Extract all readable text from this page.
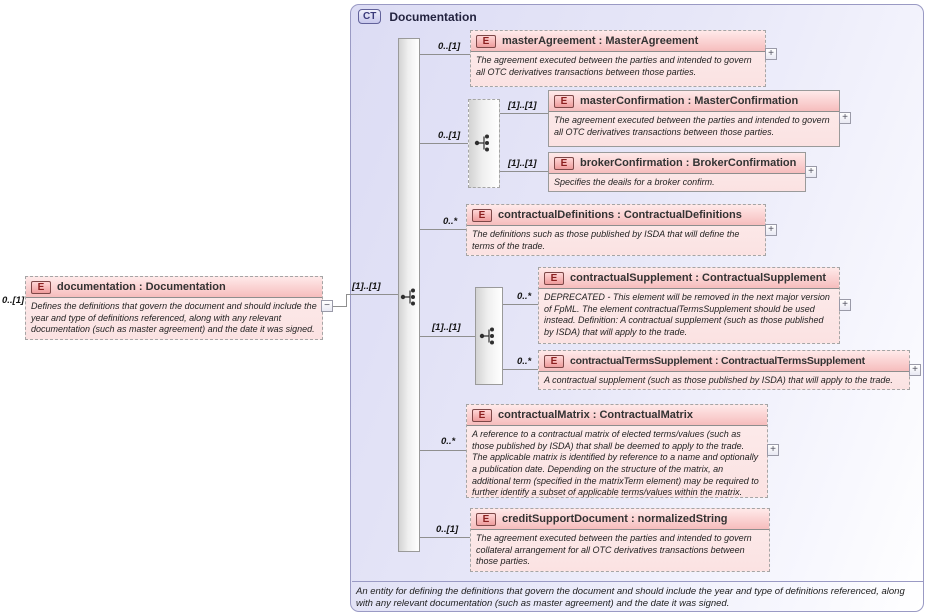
CT	Documentation
An entity for defining the definitions that govern the document and should include the year and type of definitions referenced, along with any relevant documentation (such as master agreement) and the date it was signed.
0..[1]
E	documentation : Documentation
Defines the definitions that govern the document and should include the year and type of definitions referenced, along with any relevant documentation (such as master agreement) and the date it was signed.
−
[1]..[1]
0..[1]	E	masterAgreement : MasterAgreement
The agreement executed between the parties and intended to govern all OTC derivatives transactions between those parties.
+
0..[1]
[1]..[1]	E	masterConfirmation : MasterConfirmation
The agreement executed between the parties and intended to govern all OTC derivatives transactions between those parties.
+
[1]..[1]	E	brokerConfirmation : BrokerConfirmation
Specifies the deails for a broker confirm.
+
0..*
E	contractualDefinitions : ContractualDefinitions
The definitions such as those published by ISDA that will define the terms of the trade.
+
[1]..[1]
0..*
E	contractualSupplement : ContractualSupplement
DEPRECATED - This element will be removed in the next major version of FpML. The element contractualTermsSupplement should be used instead. Definition: A contractual supplement (such as those published by ISDA) that will apply to the trade.
+
0..*	E	contractualTermsSupplement : ContractualTermsSupplement
A contractual supplement (such as those published by ISDA) that will apply to the trade.
+
0..*
E	contractualMatrix : ContractualMatrix
A reference to a contractual matrix of elected terms/values (such as those published by ISDA) that shall be deemed to apply to the trade. The applicable matrix is identified by reference to a name and optionally a publication date. Depending on the structure of the matrix, an additional term (specified in the matrixTerm element) may be required to further identify a subset of applicable terms/values within the matrix.
+
0..[1]
E	creditSupportDocument : normalizedString
The agreement executed between the parties and intended to govern collateral arrangement for all OTC derivatives transactions between those parties.
